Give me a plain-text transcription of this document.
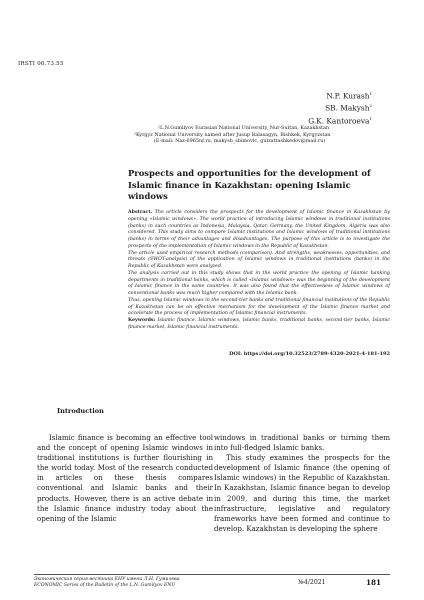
IRSTI 06.73.55
N.P. Kurash$^1$
SB. Makysh$^2$
G.K. Kantoroeva$^1$
¹L.N.Gumilyov Eurasian National University, Nur-Sultan, Kazakhstan
²Kyrgyz National University named after Jusup Balasagyn, Bishkek, Kyrgyzstan
(E-mail: Naz-6965nf.ru, makysh_sbimovic, gulzattashkedov@mail.ru)
Prospects and opportunities for the development of Islamic finance in Kazakhstan: opening Islamic windows

Abstract. The article considers the prospects for the development of Islamic finance in Kazakhstan by opening «Islamic windows». The world practice of introducing Islamic windows in traditional institutions (banks) in such countries as Indonesia, Malaysia, Qatar, Germany, the United Kingdom, Algeria was also considered. This study aims to compare Islamic institutions and Islamic windows of traditional institutions (banks) in terms of their advantages and disadvantages. The purpose of this article is to investigate the prospects of the implementation of Islamic windows in the Republic of Kazakhstan.

The article used empirical research methods (comparison). And strengths, weaknesses, opportunities, and threats (SWOT-analysis) of the application of Islamic windows in traditional institutions (banks) in the Republic of Kazakhstan were analyzed.

The analysis carried out in this study shows that in the world practice the opening of Islamic banking departments in traditional banks, which is called «Islamic windows» was the beginning of the development of Islamic finance in the same countries. It was also found that the effectiveness of Islamic windows of conventional banks was much higher compared with the Islamic bank.

Thus, opening Islamic windows in the second-tier banks and traditional financial institutions of the Republic of Kazakhstan can be an effective mechanism for the development of the Islamic finance market and accelerate the process of implementation of Islamic financial instruments.

Keywords: Islamic finance, Islamic windows, Islamic banks, traditional banks, second-tier banks, Islamic finance market, Islamic financial instruments.

DOI: https://doi.org/10.32523/2789-4320-2021-4-181-192
Introduction

Islamic finance is becoming an effective tool and the concept of opening Islamic windows in traditional institutions is further flourishing in the world today. Most of the research conducted in articles on these thesis compares conventional and Islamic banks and their products. However, there is an active debate in the Islamic finance industry today about the opening of the Islamic

windows in traditional banks or turning them into full-fledged Islamic banks.

This study examines the prospects for the development of Islamic finance (the opening of Islamic windows) in the Republic of Kazakhstan. In Kazakhstan, Islamic finance began to develop in 2009, and during this time, the market infrastructure, legislative and regulatory frameworks have been formed and continue to develop. Kazakhstan is developing the sphere

Экономическая серия вестника ЕНУ имени Л.Н. Гумилева
ECONOMIC Series of the Bulletin of the L.N. Gumilyov ENU	№4/2021	181
